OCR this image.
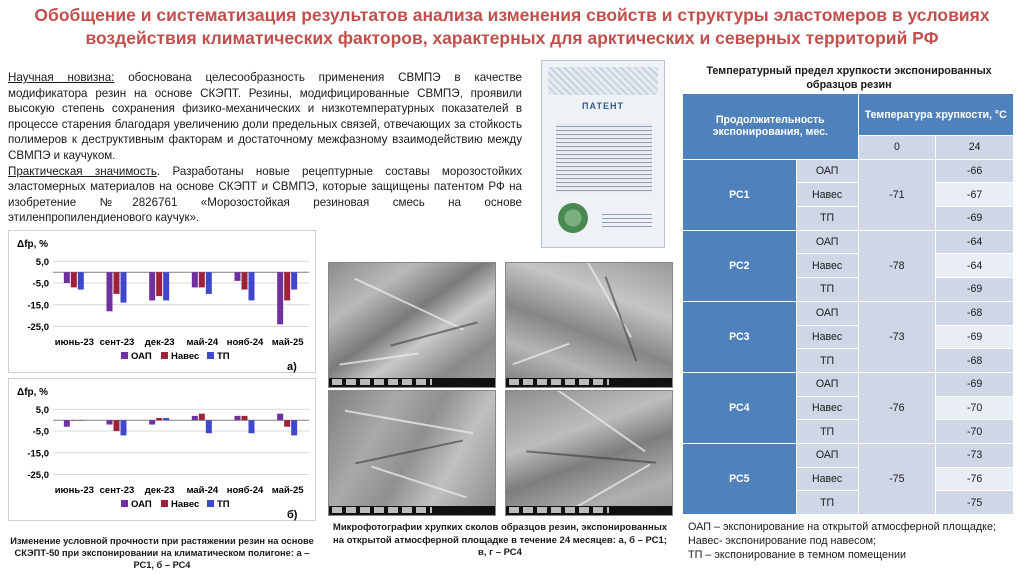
Обобщение и систематизация результатов анализа изменения свойств и структуры эластомеров в условиях воздействия климатических факторов, характерных для арктических и северных территорий РФ
Научная новизна: обоснована целесообразность применения СВМПЭ в качестве модификатора резин на основе СКЭПТ. Резины, модифицированные СВМПЭ, проявили высокую степень сохранения физико-механических и низкотемпературных показателей в процессе старения благодаря увеличению доли предельных связей, отвечающих за стойкость полимеров к деструктивным факторам и достаточному межфазному взаимодействию между СВМПЭ и каучуком.
Практическая значимость. Разработаны новые рецептурные составы морозостойких эластомерных материалов на основе СКЭПТ и СВМПЭ, которые защищены патентом РФ на изобретение №2826761 «Морозостойкая резиновая смесь на основе этиленпропилендиенового каучук».
ПАТЕНТ
Δfp, %
5,0
-5,0
-15,0
-25,0
июнь-23 сент-23 дек-23 май-24 нояб-24 май-25
ОАП Навес ТП
а)
Δfp, %
5,0
-5,0
-15,0
-25,0
июнь-23 сент-23 дек-23 май-24 нояб-24 май-25
ОАП Навес ТП
б)
Изменение условной прочности при растяжении резин на основе СКЭПТ-50 при экспонировании на климатическом полигоне: а – РС1, б – РС4
Микрофотографии хрупких сколов образцов резин, экспонированных на открытой атмосферной площадке в течение 24 месяцев: а, б – РС1; в, г – РС4
Температурный предел хрупкости экспонированных образцов резин
Продолжительность экспонирования, мес.		Температура хрупкости, °С	
		0	24
РС1	ОАП	-71	-66
	Навес		-67
	ТП		-69
РС2	ОАП	-78	-64
	Навес		-64
	ТП		-69
РС3	ОАП	-73	-68
	Навес		-69
	ТП		-68
РС4	ОАП	-76	-69
	Навес		-70
	ТП		-70
РС5	ОАП	-75	-73
	Навес		-76
	ТП		-75
ОАП – экспонирование на открытой атмосферной площадке;
Навес- экспонирование под навесом;
ТП – экспонирование в темном помещении
